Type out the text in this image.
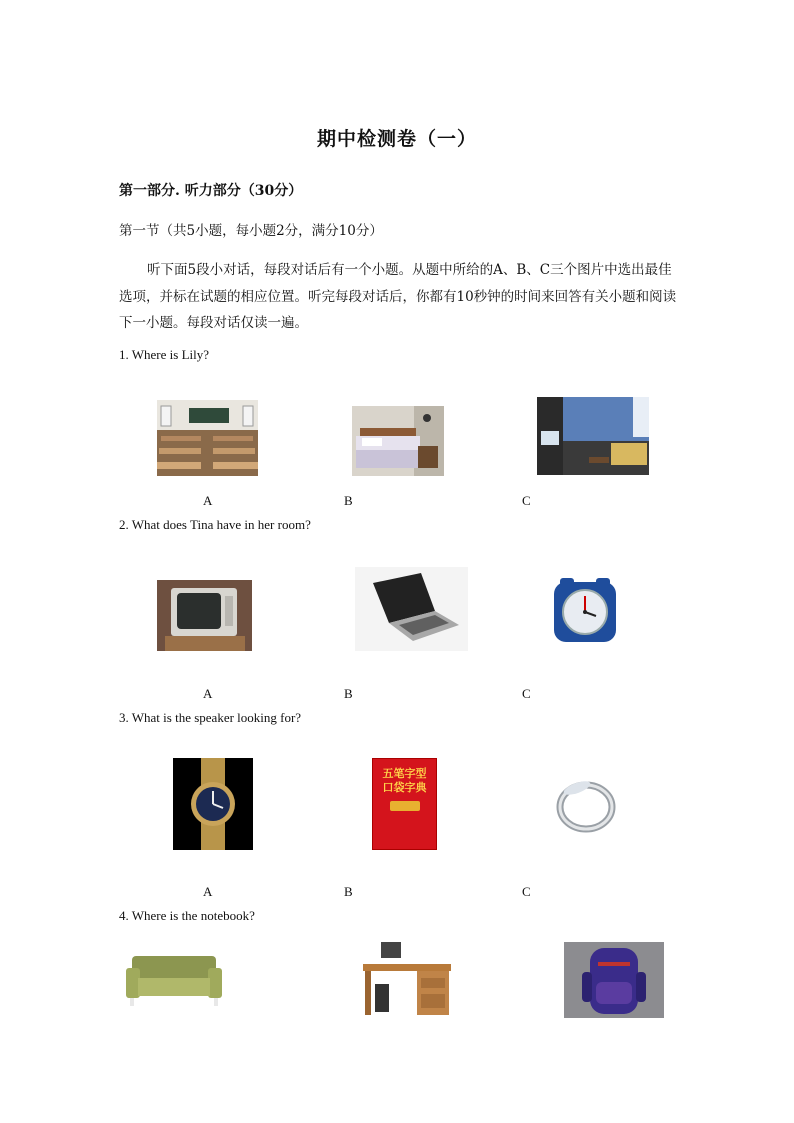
期中检测卷（一）
第一部分. 听力部分（30分）
第一节（共5小题，每小题2分，满分10分）
听下面5段小对话，每段对话后有一个小题。从题中所给的A、B、C三个图片中选出最佳选项，并标在试题的相应位置。听完每段对话后，你都有10秒钟的时间来回答有关小题和阅读下一小题。每段对话仅读一遍。
1. Where is Lily?
A	B	C
2. What does Tina have in her room?
A	B	C
3. What is the speaker looking for?
五笔字型
口袋字典
A	B	C
4. Where is the notebook?
